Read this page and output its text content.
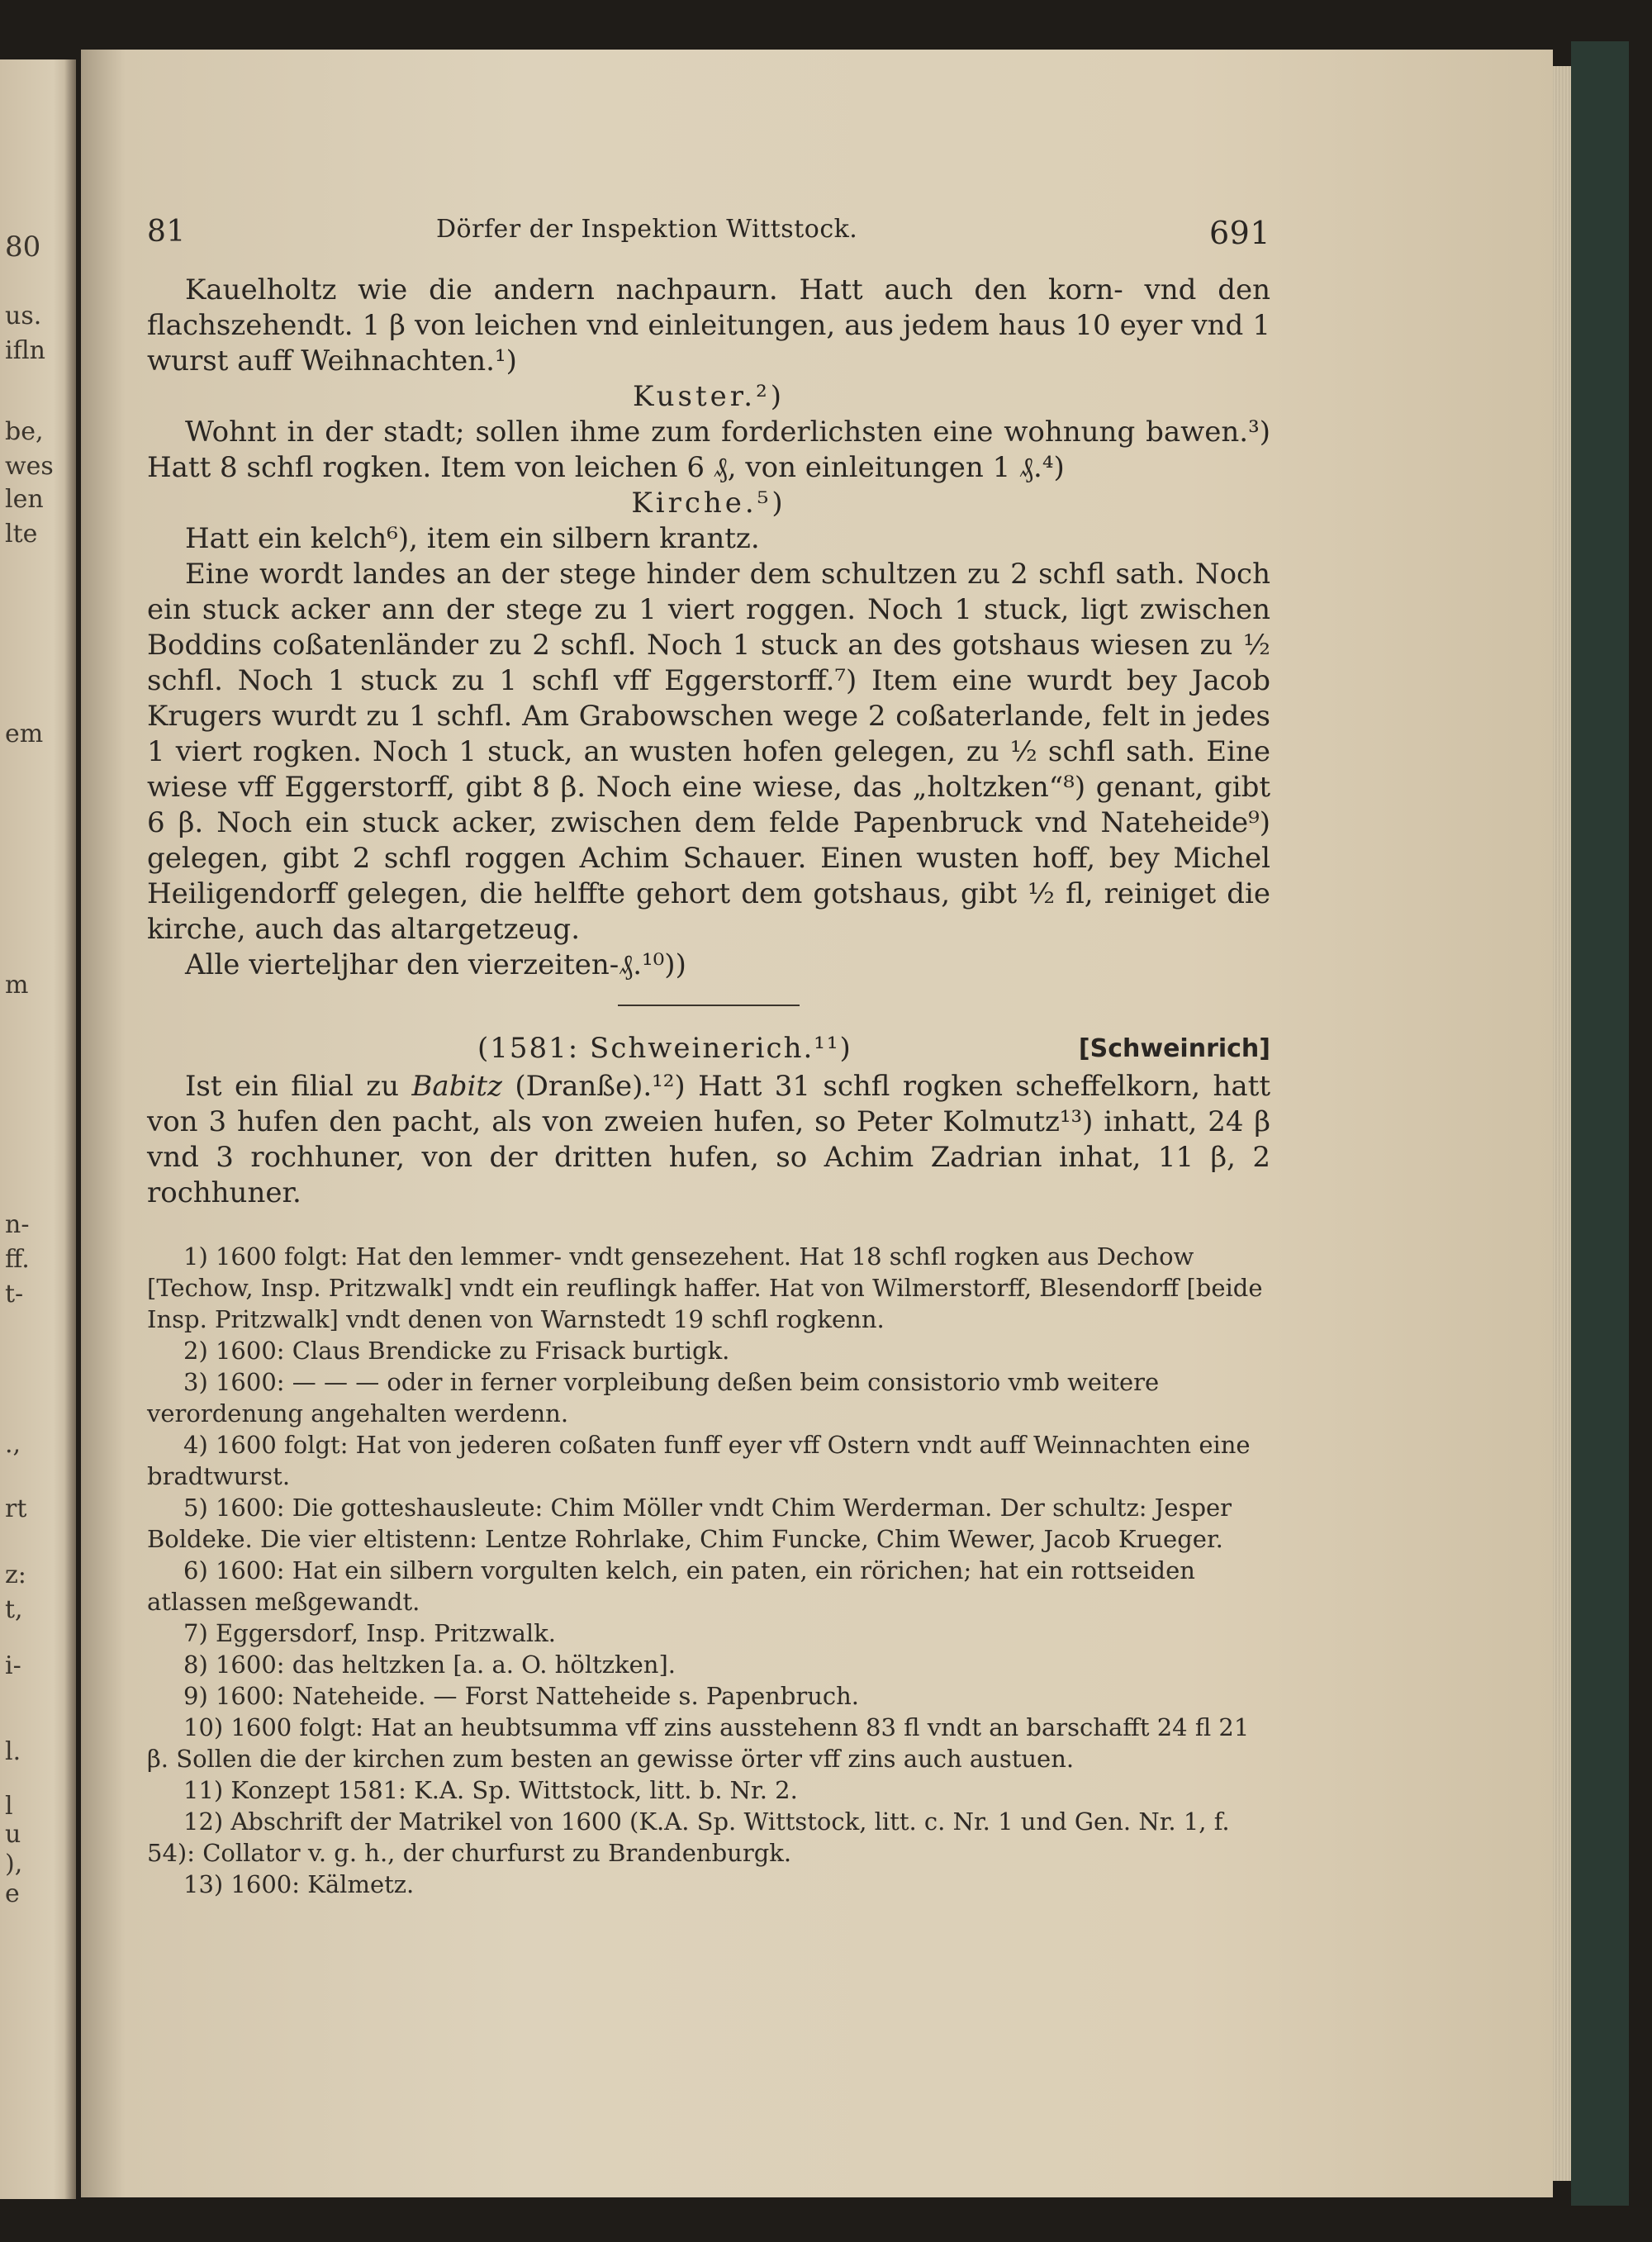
80
us.
ifln
be,
wes
len
lte
em
m
n-
ff.
t-
.,
rt
z:
t,
i-
l.
l
u
),
e
81	Dörfer der Inspektion Wittstock.	691

Kauelholtz wie die andern nachpaurn. Hatt auch den korn- vnd den flachszehendt. 1 β von leichen vnd einleitungen, aus jedem haus 10 eyer vnd 1 wurst auff Weihnachten.¹)

Kuster.²)

Wohnt in der stadt; sollen ihme zum forderlichsten eine wohnung bawen.³) Hatt 8 schfl rogken. Item von leichen 6 ₰, von einleitungen 1 ₰.⁴)

Kirche.⁵)

Hatt ein kelch⁶), item ein silbern krantz.

Eine wordt landes an der stege hinder dem schultzen zu 2 schfl sath. Noch ein stuck acker ann der stege zu 1 viert roggen. Noch 1 stuck, ligt zwischen Boddins coßatenländer zu 2 schfl. Noch 1 stuck an des gotshaus wiesen zu ½ schfl. Noch 1 stuck zu 1 schfl vff Eggerstorff.⁷) Item eine wurdt bey Jacob Krugers wurdt zu 1 schfl. Am Grabowschen wege 2 coßaterlande, felt in jedes 1 viert rogken. Noch 1 stuck, an wusten hofen gelegen, zu ½ schfl sath. Eine wiese vff Eggerstorff, gibt 8 β. Noch eine wiese, das „holtzken“⁸) genant, gibt 6 β. Noch ein stuck acker, zwischen dem felde Papenbruck vnd Nateheide⁹) gelegen, gibt 2 schfl roggen Achim Schauer. Einen wusten hoff, bey Michel Heiligendorff gelegen, die helffte gehort dem gotshaus, gibt ½ fl, reiniget die kirche, auch das altargetzeug.

Alle vierteljhar den vierzeiten-₰.¹⁰))

(1581: Schweinerich.¹¹)	[Schweinrich]

Ist ein filial zu Babitz (Dranße).¹²) Hatt 31 schfl rogken scheffelkorn, hatt von 3 hufen den pacht, als von zweien hufen, so Peter Kolmutz¹³) inhatt, 24 β vnd 3 rochhuner, von der dritten hufen, so Achim Zadrian inhat, 11 β, 2 rochhuner.

1) 1600 folgt: Hat den lemmer- vndt gensezehent. Hat 18 schfl rogken aus Dechow [Techow, Insp. Pritzwalk] vndt ein reuflingk haffer. Hat von Wilmerstorff, Blesendorff [beide Insp. Pritzwalk] vndt denen von Warnstedt 19 schfl rogkenn.

2) 1600: Claus Brendicke zu Frisack burtigk.

3) 1600: — — — oder in ferner vorpleibung deßen beim consistorio vmb weitere verordenung angehalten werdenn.

4) 1600 folgt: Hat von jederen coßaten funff eyer vff Ostern vndt auff Weinnachten eine bradtwurst.

5) 1600: Die gotteshausleute: Chim Möller vndt Chim Werderman. Der schultz: Jesper Boldeke. Die vier eltistenn: Lentze Rohrlake, Chim Funcke, Chim Wewer, Jacob Krueger.

6) 1600: Hat ein silbern vorgulten kelch, ein paten, ein rörichen; hat ein rottseiden atlassen meßgewandt.

7) Eggersdorf, Insp. Pritzwalk.

8) 1600: das heltzken [a. a. O. höltzken].

9) 1600: Nateheide. — Forst Natteheide s. Papenbruch.

10) 1600 folgt: Hat an heubtsumma vff zins ausstehenn 83 fl vndt an barschafft 24 fl 21 β. Sollen die der kirchen zum besten an gewisse örter vff zins auch austuen.

11) Konzept 1581: K.A. Sp. Wittstock, litt. b. Nr. 2.

12) Abschrift der Matrikel von 1600 (K.A. Sp. Wittstock, litt. c. Nr. 1 und Gen. Nr. 1, f. 54): Collator v. g. h., der churfurst zu Brandenburgk.

13) 1600: Kälmetz.
